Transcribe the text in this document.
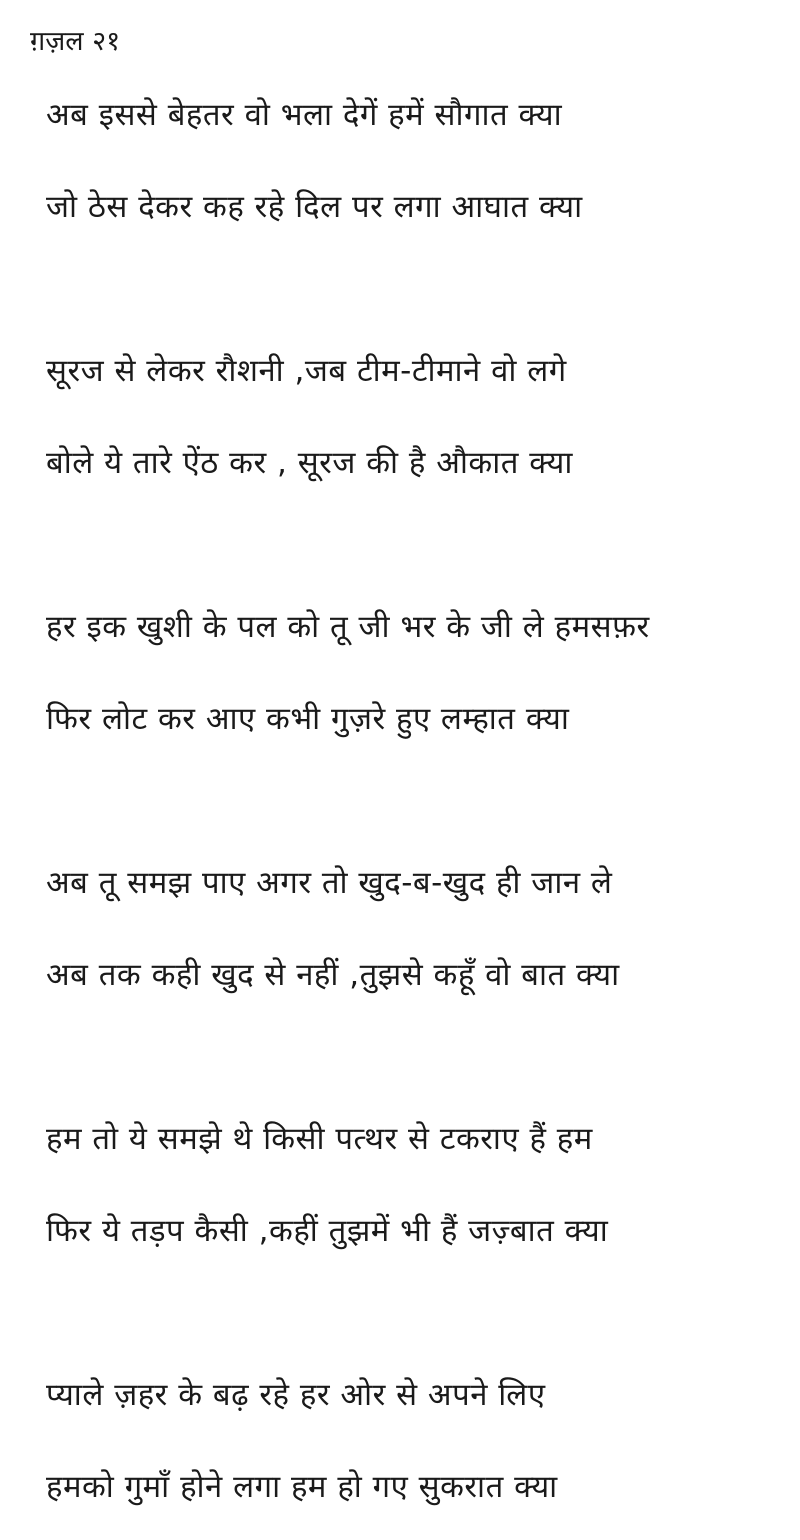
ग़ज़ल २१
अब इससे बेहतर वो भला देगें हमें सौगात क्या
जो ठेस देकर कह रहे दिल पर लगा आघात क्या
सूरज से लेकर रौशनी ,जब टीम-टीमाने वो लगे
बोले ये तारे ऐंठ कर , सूरज की है औकात क्या
हर इक खुशी के पल को तू जी भर के जी ले हमसफ़र
फिर लोट कर आए कभी गुज़रे हुए लम्हात क्या
अब तू समझ पाए अगर तो खुद-ब-खुद ही जान ले
अब तक कही खुद से नहीं ,तुझसे कहूँ वो बात क्या
हम तो ये समझे थे किसी पत्थर से टकराए हैं हम
फिर ये तड़प कैसी ,कहीं तुझमें भी हैं जज़्बात क्या
प्याले ज़हर के बढ़ रहे हर ओर से अपने लिए
हमको गुमाँ होने लगा हम हो गए सुकरात क्या
